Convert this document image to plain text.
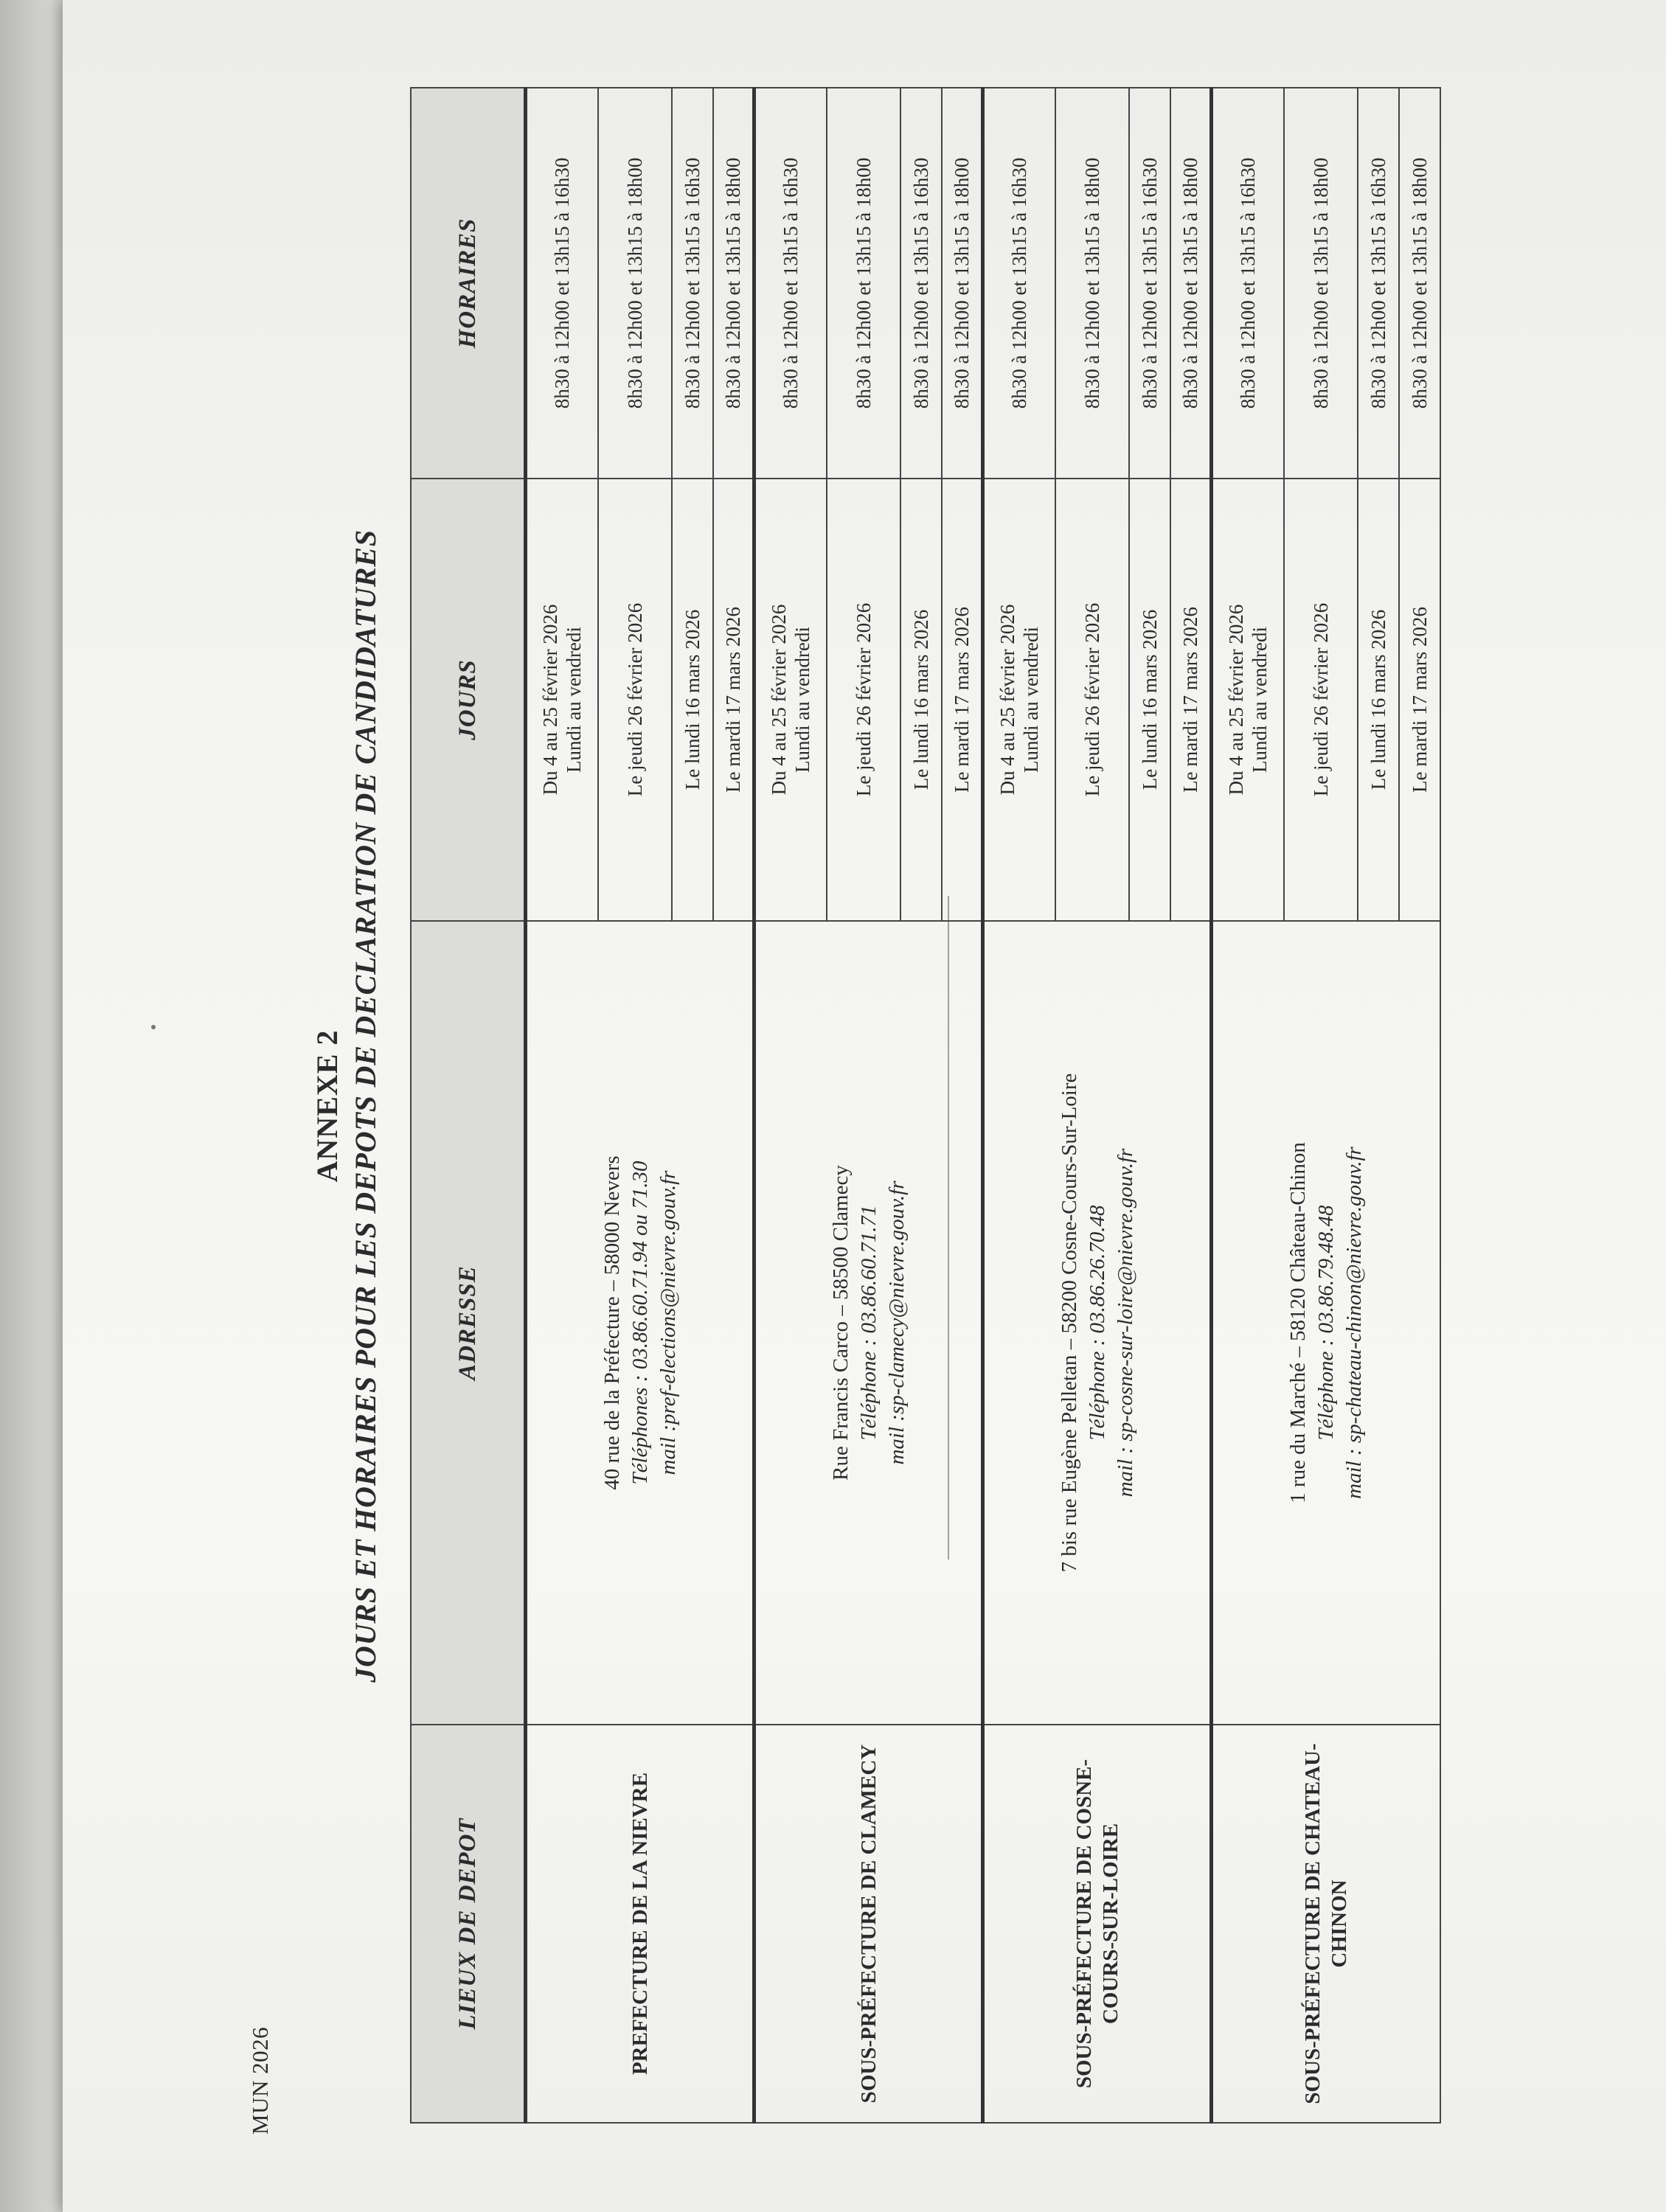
MUN 2026
ANNEXE 2 JOURS ET HORAIRES POUR LES DEPOTS DE DECLARATION DE CANDIDATURES
LIEUX DE DEPOT	ADRESSE	JOURS	HORAIRES
PREFECTURE DE LA NIEVRE	40 rue de la Préfecture – 58000 Nevers Téléphones : 03.86.60.71.94 ou 71.30 mail :pref-elections@nievre.gouv.fr	Du 4 au 25 février 2026 Lundi au vendredi	8h30 à 12h00 et 13h15 à 16h30

		Le jeudi 26 février 2026	8h30 à 12h00 et 13h15 à 18h00

		Le lundi 16 mars 2026	8h30 à 12h00 et 13h15 à 16h30

		Le mardi 17 mars 2026	8h30 à 12h00 et 13h15 à 18h00
SOUS-PRÉFECTURE DE CLAMECY	Rue Francis Carco – 58500 Clamecy Téléphone : 03.86.60.71.71 mail :sp-clamecy@nievre.gouv.fr	Du 4 au 25 février 2026 Lundi au vendredi	8h30 à 12h00 et 13h15 à 16h30

		Le jeudi 26 février 2026	8h30 à 12h00 et 13h15 à 18h00

		Le lundi 16 mars 2026	8h30 à 12h00 et 13h15 à 16h30

		Le mardi 17 mars 2026	8h30 à 12h00 et 13h15 à 18h00
SOUS-PRÉFECTURE DE COSNE-COURS-SUR-LOIRE	7 bis rue Eugène Pelletan – 58200 Cosne-Cours-Sur-Loire Téléphone : 03.86.26.70.48 mail : sp-cosne-sur-loire@nievre.gouv.fr	Du 4 au 25 février 2026 Lundi au vendredi	8h30 à 12h00 et 13h15 à 16h30

		Le jeudi 26 février 2026	8h30 à 12h00 et 13h15 à 18h00

		Le lundi 16 mars 2026	8h30 à 12h00 et 13h15 à 16h30

		Le mardi 17 mars 2026	8h30 à 12h00 et 13h15 à 18h00
SOUS-PRÉFECTURE DE CHATEAU-CHINON	1 rue du Marché – 58120 Château-Chinon Téléphone : 03.86.79.48.48 mail : sp-chateau-chinon@nievre.gouv.fr	Du 4 au 25 février 2026 Lundi au vendredi	8h30 à 12h00 et 13h15 à 16h30

		Le jeudi 26 février 2026	8h30 à 12h00 et 13h15 à 18h00

		Le lundi 16 mars 2026	8h30 à 12h00 et 13h15 à 16h30

		Le mardi 17 mars 2026	8h30 à 12h00 et 13h15 à 18h00
